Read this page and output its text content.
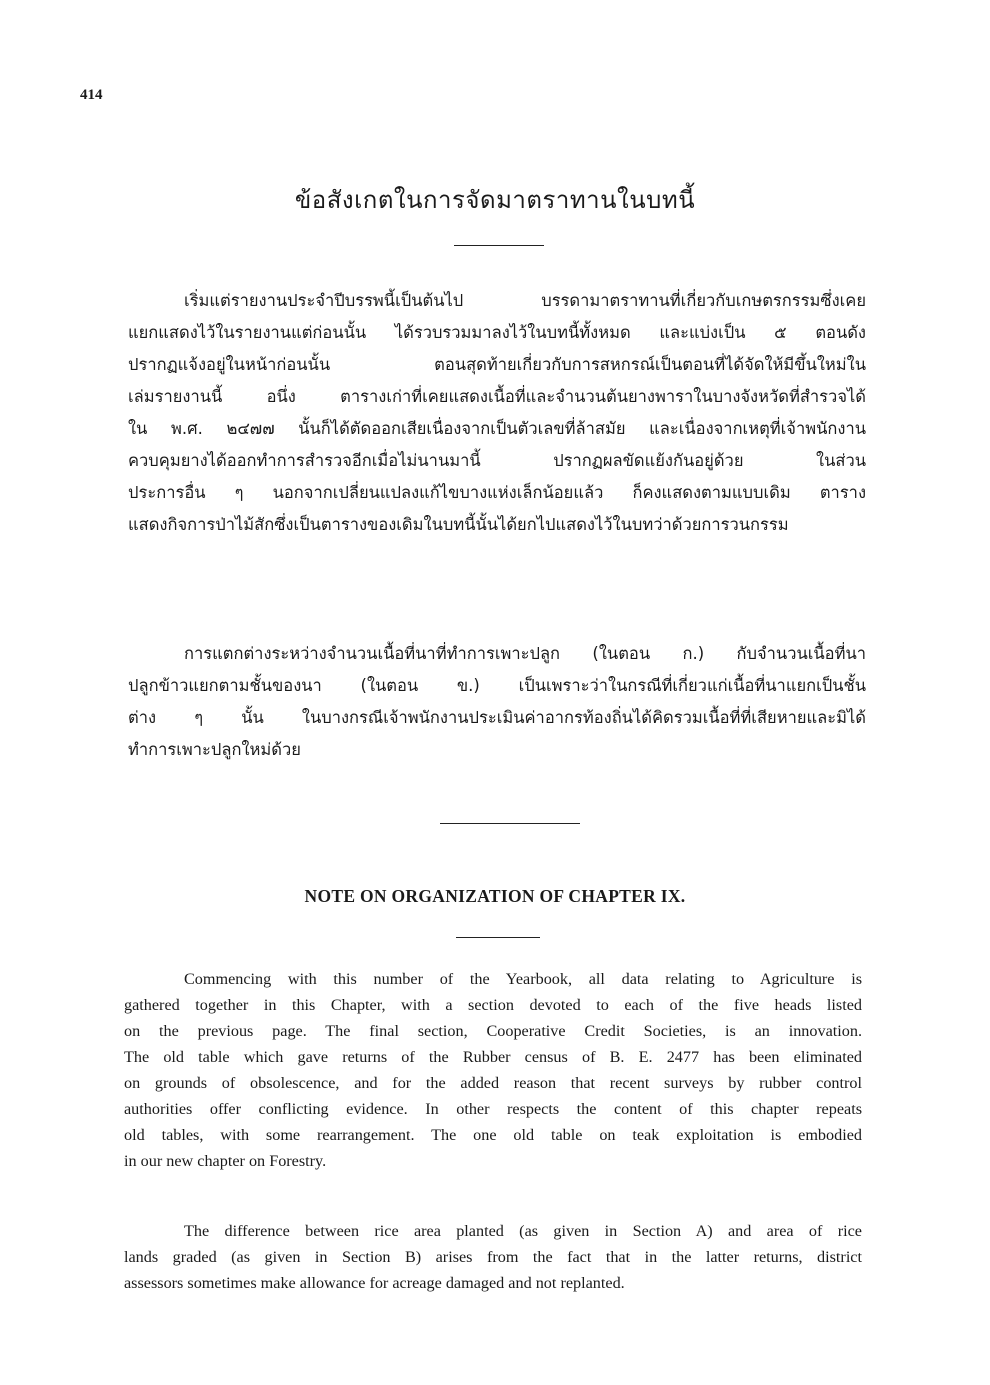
414
ข้อสังเกตในการจัดมาตราทานในบทนี้
เริ่มแต่รายงานประจำปีบรรพนี้เป็นต้นไป บรรดามาตราทานที่เกี่ยวกับเกษตรกรรมซึ่งเคย
แยกแสดงไว้ในรายงานแต่ก่อนนั้น ได้รวบรวมมาลงไว้ในบทนี้ทั้งหมด และแบ่งเป็น ๕ ตอนดัง
ปรากฏแจ้งอยู่ในหน้าก่อนนั้น ตอนสุดท้ายเกี่ยวกับการสหกรณ์เป็นตอนที่ได้จัดให้มีขึ้นใหม่ใน
เล่มรายงานนี้ อนึ่ง ตารางเก่าที่เคยแสดงเนื้อที่และจำนวนต้นยางพาราในบางจังหวัดที่สำรวจได้
ใน พ.ศ. ๒๔๗๗ นั้นก็ได้ตัดออกเสียเนื่องจากเป็นตัวเลขที่ล้าสมัย และเนื่องจากเหตุที่เจ้าพนักงาน
ควบคุมยางได้ออกทำการสำรวจอีกเมื่อไม่นานมานี้ ปรากฏผลขัดแย้งกันอยู่ด้วย ในส่วน
ประการอื่น ๆ นอกจากเปลี่ยนแปลงแก้ไขบางแห่งเล็กน้อยแล้ว ก็คงแสดงตามแบบเดิม ตาราง
แสดงกิจการป่าไม้สักซึ่งเป็นตารางของเดิมในบทนี้นั้นได้ยกไปแสดงไว้ในบทว่าด้วยการวนกรรม
การแตกต่างระหว่างจำนวนเนื้อที่นาที่ทำการเพาะปลูก (ในตอน ก.) กับจำนวนเนื้อที่นา
ปลูกข้าวแยกตามชั้นของนา (ในตอน ข.) เป็นเพราะว่าในกรณีที่เกี่ยวแก่เนื้อที่นาแยกเป็นชั้น
ต่าง ๆ นั้น ในบางกรณีเจ้าพนักงานประเมินค่าอากรท้องถิ่นได้คิดรวมเนื้อที่ที่เสียหายและมิได้
ทำการเพาะปลูกใหม่ด้วย
NOTE ON ORGANIZATION OF CHAPTER IX.
Commencing with this number of the Yearbook, all data relating to Agriculture is
gathered together in this Chapter, with a section devoted to each of the five heads listed
on the previous page. The final section, Cooperative Credit Societies, is an innovation.
The old table which gave returns of the Rubber census of B. E. 2477 has been eliminated
on grounds of obsolescence, and for the added reason that recent surveys by rubber control
authorities offer conflicting evidence. In other respects the content of this chapter repeats
old tables, with some rearrangement. The one old table on teak exploitation is embodied
in our new chapter on Forestry.
The difference between rice area planted (as given in Section A) and area of rice
lands graded (as given in Section B) arises from the fact that in the latter returns, district
assessors sometimes make allowance for acreage damaged and not replanted.
